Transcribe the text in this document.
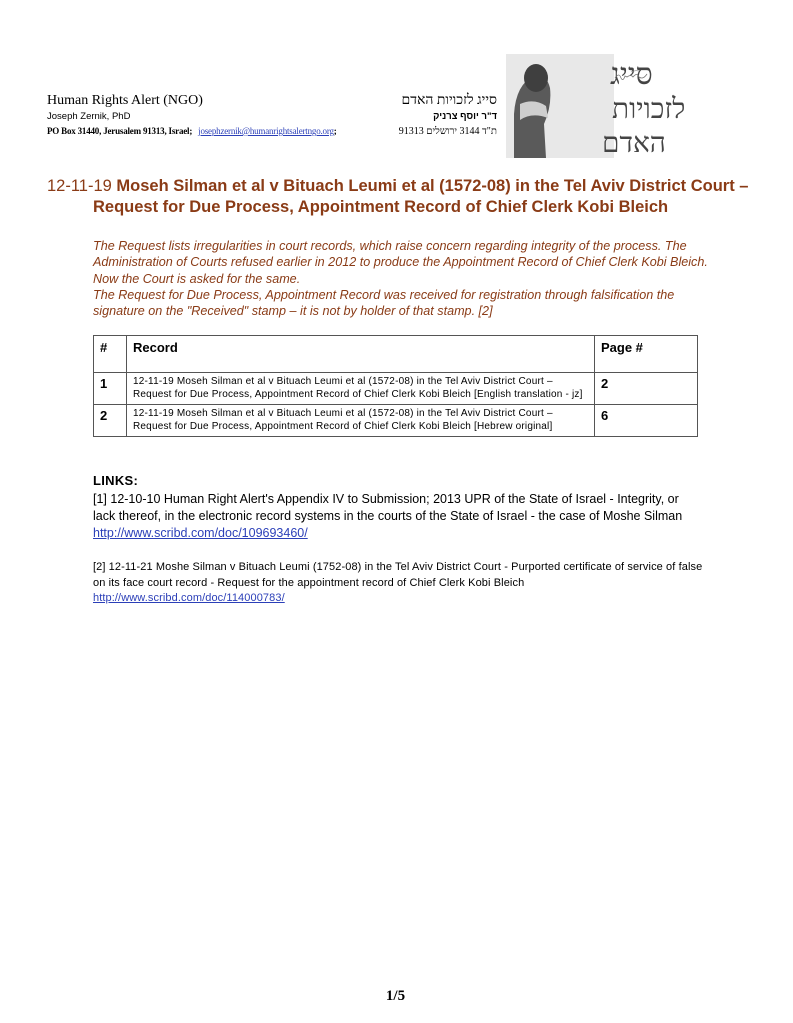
Human Rights Alert (NGO)
Joseph Zernik, PhD
PO Box 31440, Jerusalem 91313, Israel; josephzernik@humanrightsalertngo.org;
סייג לזכויות האדם
ד"ר יוסף צרניק
ת"ד 3144 ירושלים 91313
סייג
לזכויות
האדם
12-11-19 Moseh Silman et al v Bituach Leumi et al (1572-08) in the Tel Aviv District Court – Request for Due Process, Appointment Record of Chief Clerk Kobi Bleich

The Request lists irregularities in court records, which raise concern regarding integrity of the process. The Administration of Courts refused earlier in 2012 to produce the Appointment Record of Chief Clerk Kobi Bleich. Now the Court is asked for the same.

The Request for Due Process, Appointment Record was received for registration through falsification the signature on the "Received" stamp – it is not by holder of that stamp. [2]

#	Record	Page #
1	12-11-19 Moseh Silman et al v Bituach Leumi et al (1572-08) in the Tel Aviv District Court – Request for Due Process, Appointment Record of Chief Clerk Kobi Bleich [English translation - jz]	2
2	12-11-19 Moseh Silman et al v Bituach Leumi et al (1572-08) in the Tel Aviv District Court – Request for Due Process, Appointment Record of Chief Clerk Kobi Bleich [Hebrew original]	6
LINKS:
[1] 12-10-10 Human Right Alert's Appendix IV to Submission; 2013 UPR of the State of Israel - Integrity, or lack thereof, in the electronic record systems in the courts of the State of Israel - the case of Moshe Silman
http://www.scribd.com/doc/109693460/
[2] 12-11-21 Moshe Silman v Bituach Leumi (1752-08) in the Tel Aviv District Court - Purported certificate of service of false on its face court record - Request for the appointment record of Chief Clerk Kobi Bleich
http://www.scribd.com/doc/114000783/
1/5
